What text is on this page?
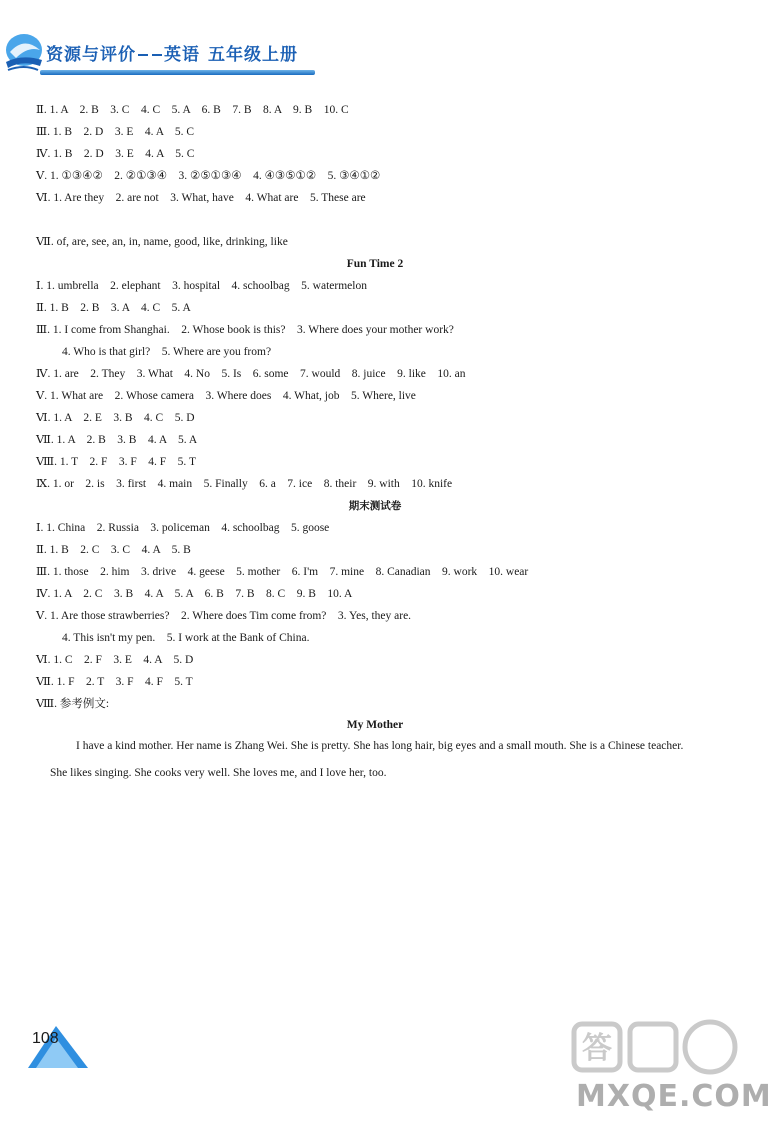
资源与评价 英语 五年级上册
Ⅱ. 1. A　2. B　3. C　4. C　5. A　6. B　7. B　8. A　9. B　10. C
Ⅲ. 1. B　2. D　3. E　4. A　5. C
Ⅳ. 1. B　2. D　3. E　4. A　5. C
Ⅴ. 1. ①③④②　2. ②①③④　3. ②⑤①③④　4. ④③⑤①②　5. ③④①②
Ⅵ. 1. Are they　2. are not　3. What, have　4. What are　5. These are
Ⅶ. of, are, see, an, in, name, good, like, drinking, like
Fun Time 2
Ⅰ. 1. umbrella　2. elephant　3. hospital　4. schoolbag　5. watermelon
Ⅱ. 1. B　2. B　3. A　4. C　5. A
Ⅲ. 1. I come from Shanghai.　2. Whose book is this?　3. Where does your mother work?
4. Who is that girl?　5. Where are you from?
Ⅳ. 1. are　2. They　3. What　4. No　5. Is　6. some　7. would　8. juice　9. like　10. an
Ⅴ. 1. What are　2. Whose camera　3. Where does　4. What, job　5. Where, live
Ⅵ. 1. A　2. E　3. B　4. C　5. D
Ⅶ. 1. A　2. B　3. B　4. A　5. A
Ⅷ. 1. T　2. F　3. F　4. F　5. T
Ⅸ. 1. or　2. is　3. first　4. main　5. Finally　6. a　7. ice　8. their　9. with　10. knife
期末测试卷
Ⅰ. 1. China　2. Russia　3. policeman　4. schoolbag　5. goose
Ⅱ. 1. B　2. C　3. C　4. A　5. B
Ⅲ. 1. those　2. him　3. drive　4. geese　5. mother　6. I'm　7. mine　8. Canadian　9. work　10. wear
Ⅳ. 1. A　2. C　3. B　4. A　5. A　6. B　7. B　8. C　9. B　10. A
Ⅴ. 1. Are those strawberries?　2. Where does Tim come from?　3. Yes, they are.
4. This isn't my pen.　5. I work at the Bank of China.
Ⅵ. 1. C　2. F　3. E　4. A　5. D
Ⅶ. 1. F　2. T　3. F　4. F　5. T
Ⅷ. 参考例文:
My Mother
I have a kind mother. Her name is Zhang Wei. She is pretty. She has long hair, big eyes and a small mouth. She is a Chinese teacher. She likes singing. She cooks very well. She loves me, and I love her, too.
108	答
MXQE.COM
